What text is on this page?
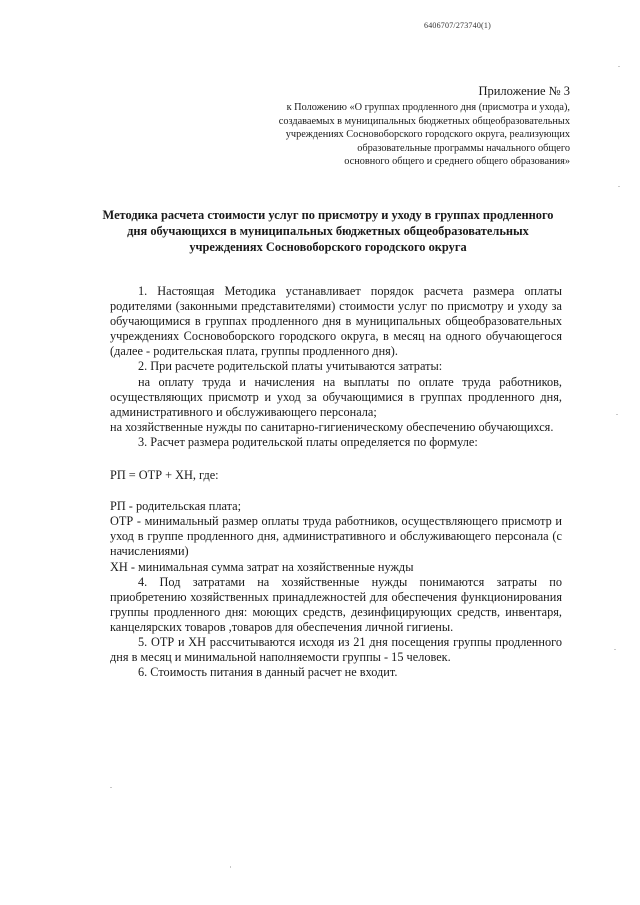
6406707/273740(1)
Приложение № 3
к Положению «О группах продленного дня (присмотра и ухода),
создаваемых в муниципальных бюджетных общеобразовательных
учреждениях Сосновоборского городского округа, реализующих
образовательные программы начального общего
основного общего и среднего общего образования»
Методика расчета стоимости услуг по присмотру и уходу в группах продленного
дня обучающихся в муниципальных бюджетных общеобразовательных
учреждениях Сосновоборского городского округа

1. Настоящая Методика устанавливает порядок расчета размера оплаты родителями (законными представителями) стоимости услуг по присмотру и уходу за обучающимися в группах продленного дня в муниципальных общеобразовательных учреждениях Сосновоборского городского округа, в месяц на одного обучающегося (далее - родительская плата, группы продленного дня).

2. При расчете родительской платы учитываются затраты:

на оплату труда и начисления на выплаты по оплате труда работников, осуществляющих присмотр и уход за обучающимися в группах продленного дня, административного и обслуживающего персонала;

на хозяйственные нужды по санитарно-гигиеническому обеспечению обучающихся.

3. Расчет размера родительской платы определяется по формуле:

РП = ОТР + ХН, где:

РП - родительская плата;

ОТР - минимальный размер оплаты труда работников, осуществляющего присмотр и уход в группе продленного дня, административного и обслуживающего персонала (с начислениями)

ХН - минимальная сумма затрат на хозяйственные нужды

4. Под затратами на хозяйственные нужды понимаются затраты по приобретению хозяйственных принадлежностей для обеспечения функционирования группы продленного дня: моющих средств, дезинфицирующих средств, инвентаря, канцелярских товаров ,товаров для обеспечения личной гигиены.

5. ОТР и ХН рассчитываются исходя из 21 дня посещения группы продленного дня в месяц и минимальной наполняемости группы - 15 человек.

6. Стоимость питания в данный расчет не входит.
